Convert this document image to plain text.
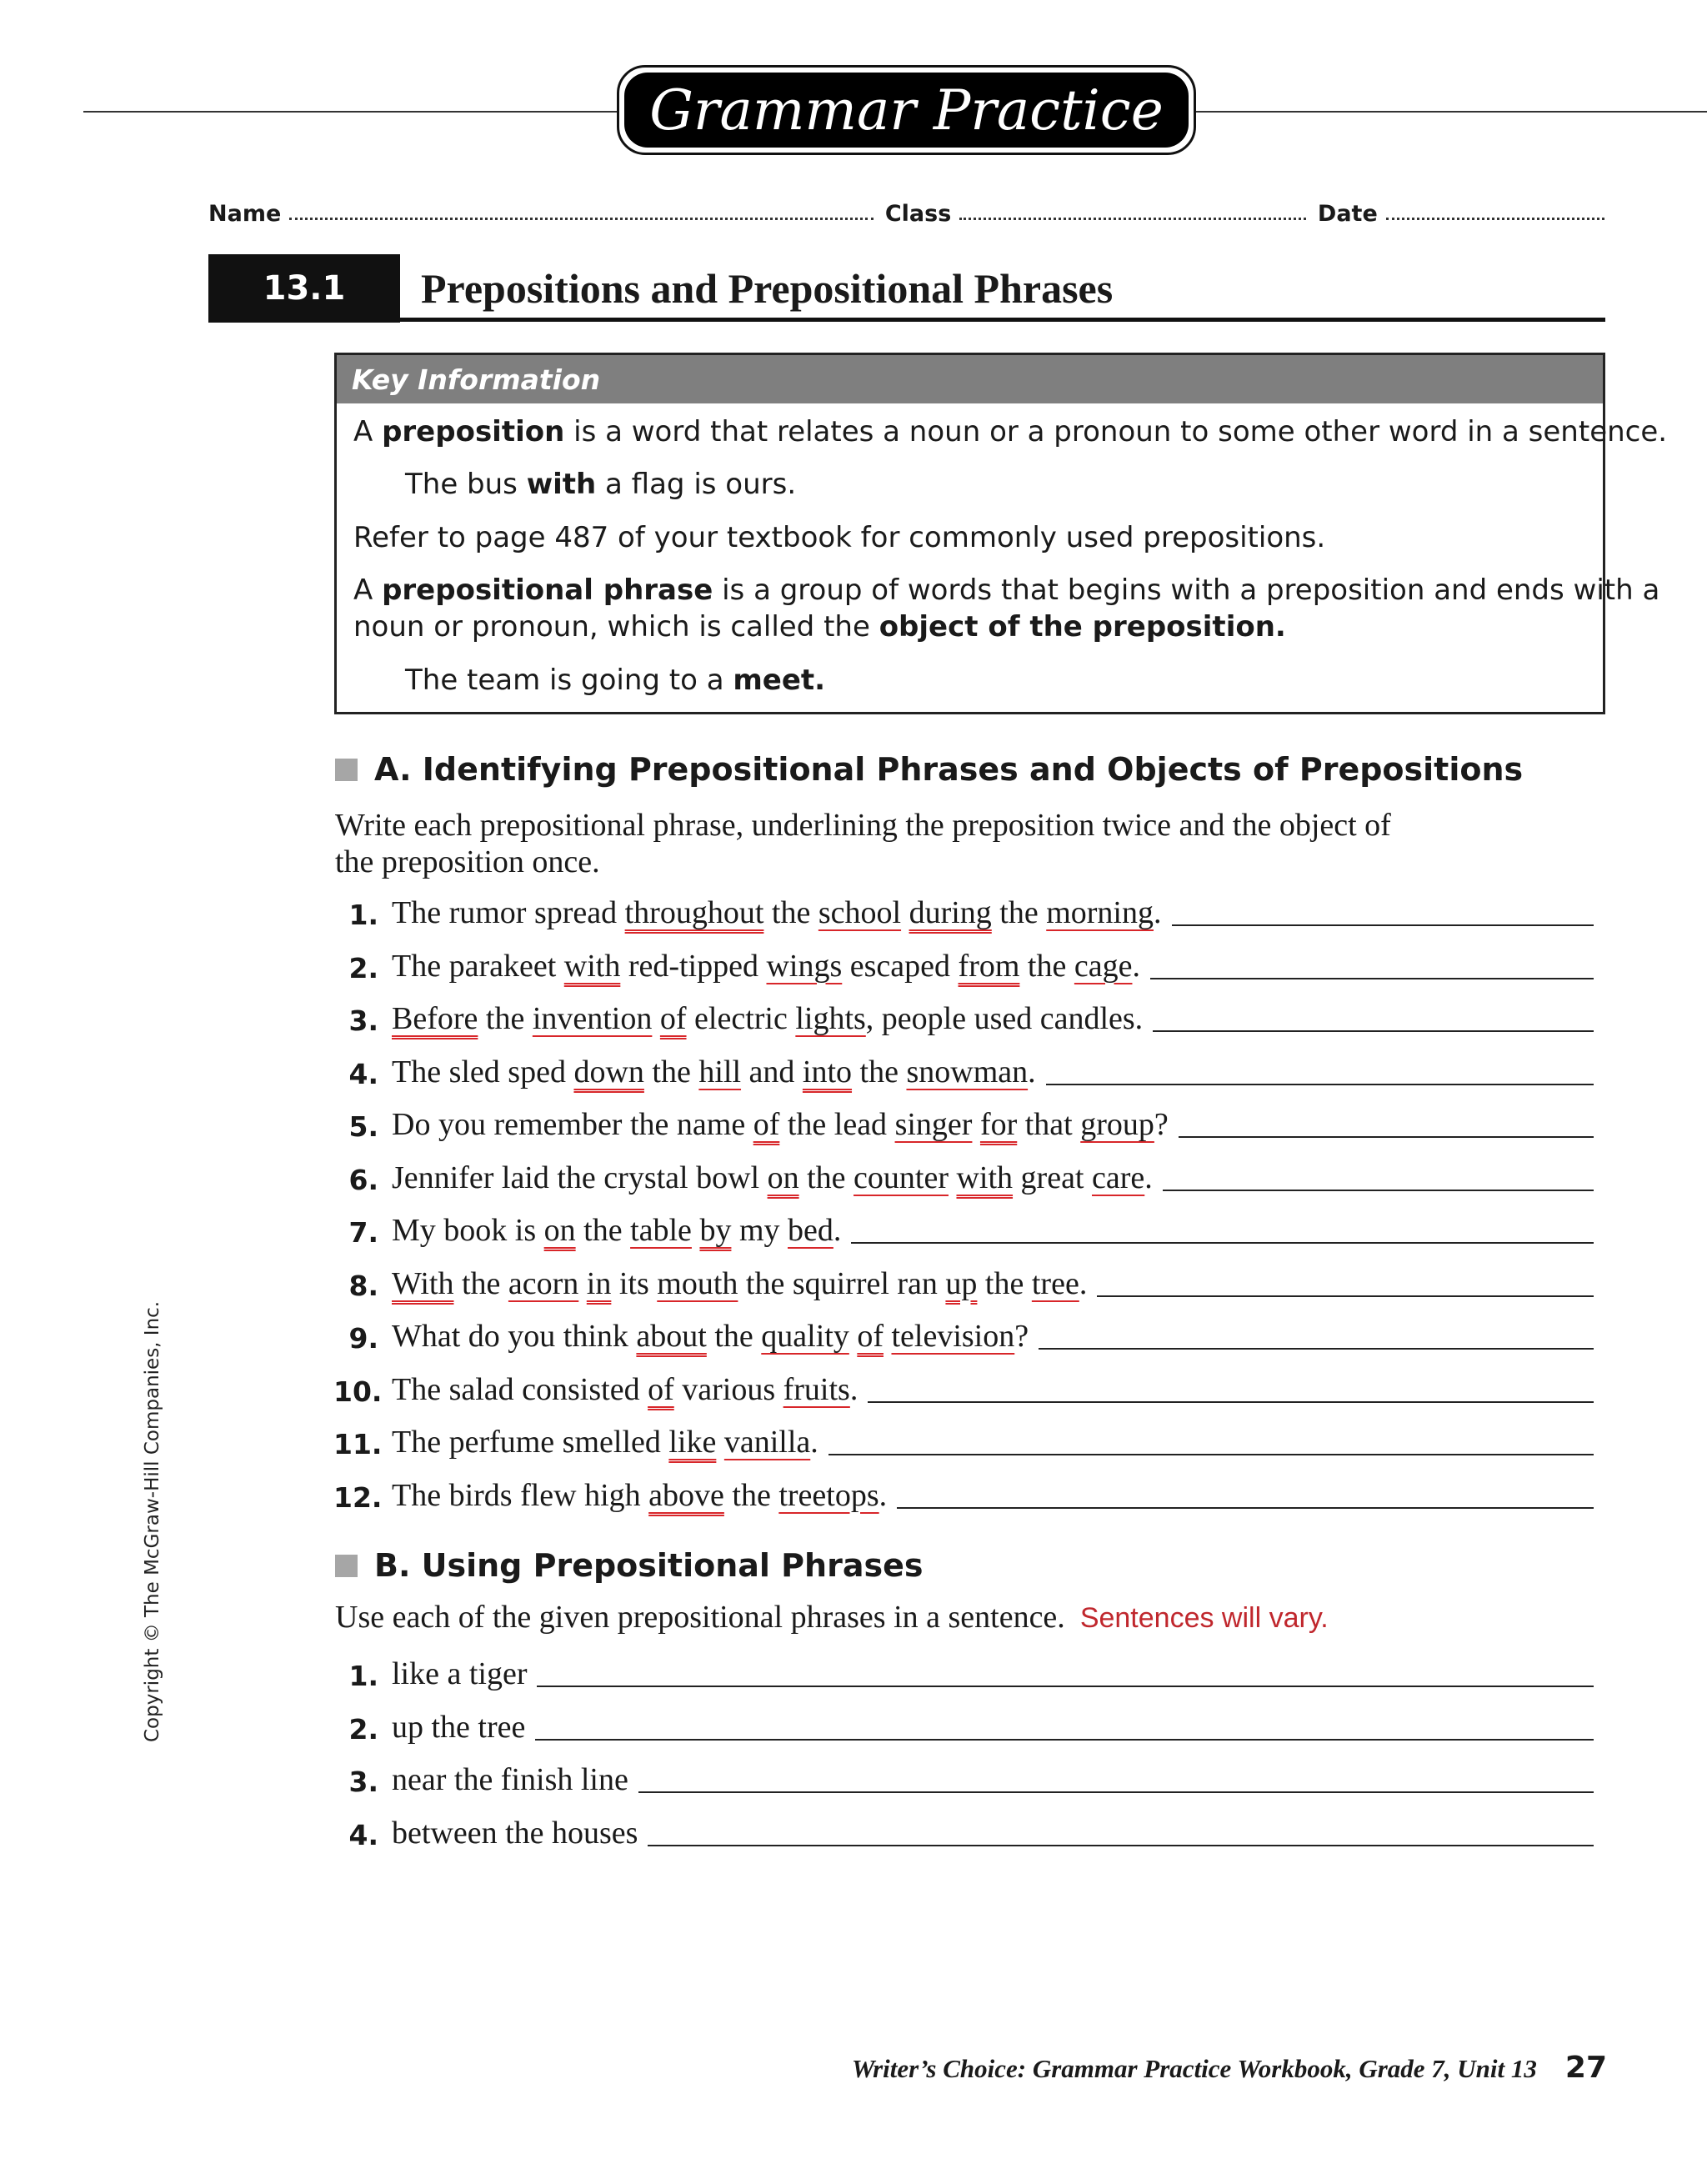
Grammar Practice
Name	Class	Date
13.1	Prepositions and Prepositional Phrases
Key Information
A preposition is a word that relates a noun or a pronoun to some other word in a sentence.
The bus with a flag is ours.
Refer to page 487 of your textbook for commonly used prepositions.
A prepositional phrase is a group of words that begins with a preposition and ends with a
noun or pronoun, which is called the object of the preposition.
The team is going to a meet.
A. Identifying Prepositional Phrases and Objects of Prepositions
Write each prepositional phrase, underlining the preposition twice and the object of
the preposition once.
1. The rumor spread throughout the school during the morning.
2. The parakeet with red-tipped wings escaped from the cage.
3. Before the invention of electric lights, people used candles.
4. The sled sped down the hill and into the snowman.
5. Do you remember the name of the lead singer for that group?
6. Jennifer laid the crystal bowl on the counter with great care.
7. My book is on the table by my bed.
8. With the acorn in its mouth the squirrel ran up the tree.
9. What do you think about the quality of television?
10. The salad consisted of various fruits.
11. The perfume smelled like vanilla.
12. The birds flew high above the treetops.
B. Using Prepositional Phrases
Use each of the given prepositional phrases in a sentence. Sentences will vary.
1. like a tiger
2. up the tree
3. near the finish line
4. between the houses
Copyright © The McGraw-Hill Companies, Inc.
Writer’s Choice: Grammar Practice Workbook, Grade 7, Unit 13 27
